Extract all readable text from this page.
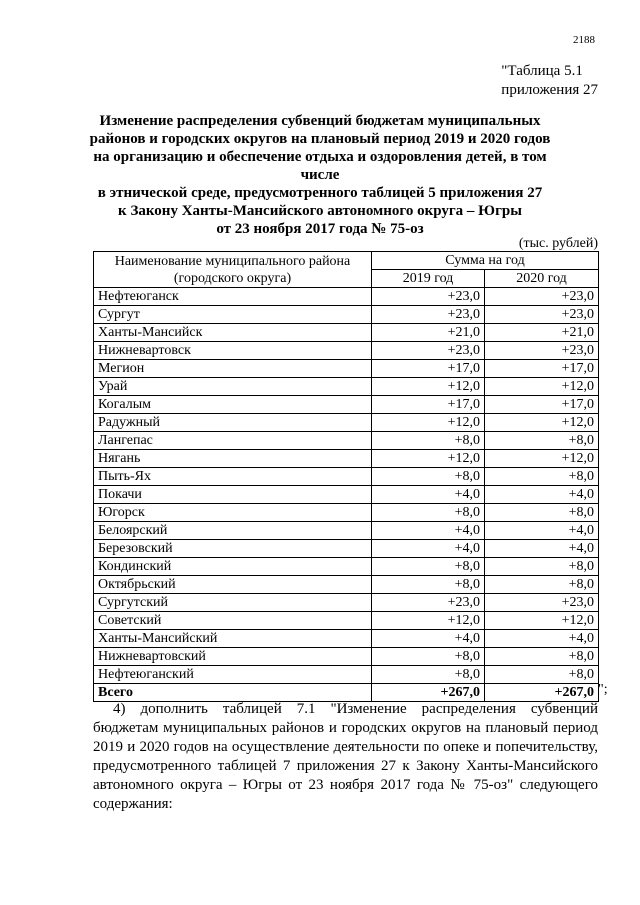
2188
"Таблица 5.1
приложения 27
Изменение распределения субвенций бюджетам муниципальных
районов и городских округов на плановый период 2019 и 2020 годов
на организацию и обеспечение отдыха и оздоровления детей, в том числе
в этнической среде, предусмотренного таблицей 5 приложения 27
к Закону Ханты-Мансийского автономного округа – Югры
от 23 ноября 2017 года № 75-оз
(тыс. рублей)
Наименование муниципального района
(городского округа)	Сумма на год	
	2019 год	2020 год
Нефтеюганск	+23,0	+23,0
Сургут	+23,0	+23,0
Ханты-Мансийск	+21,0	+21,0
Нижневартовск	+23,0	+23,0
Мегион	+17,0	+17,0
Урай	+12,0	+12,0
Когалым	+17,0	+17,0
Радужный	+12,0	+12,0
Лангепас	+8,0	+8,0
Нягань	+12,0	+12,0
Пыть-Ях	+8,0	+8,0
Покачи	+4,0	+4,0
Югорск	+8,0	+8,0
Белоярский	+4,0	+4,0
Березовский	+4,0	+4,0
Кондинский	+8,0	+8,0
Октябрьский	+8,0	+8,0
Сургутский	+23,0	+23,0
Советский	+12,0	+12,0
Ханты-Мансийский	+4,0	+4,0
Нижневартовский	+8,0	+8,0
Нефтеюганский	+8,0	+8,0
Всего	+267,0	+267,0 ";
4) дополнить таблицей 7.1 "Изменение распределения субвенций
бюджетам муниципальных районов и городских округов на плановый период
2019 и 2020 годов на осуществление деятельности по опеке и попечительству,
предусмотренного таблицей 7 приложения 27 к Закону Ханты-Мансийского
автономного округа – Югры от 23 ноября 2017 года № 75-оз" следующего
содержания:
